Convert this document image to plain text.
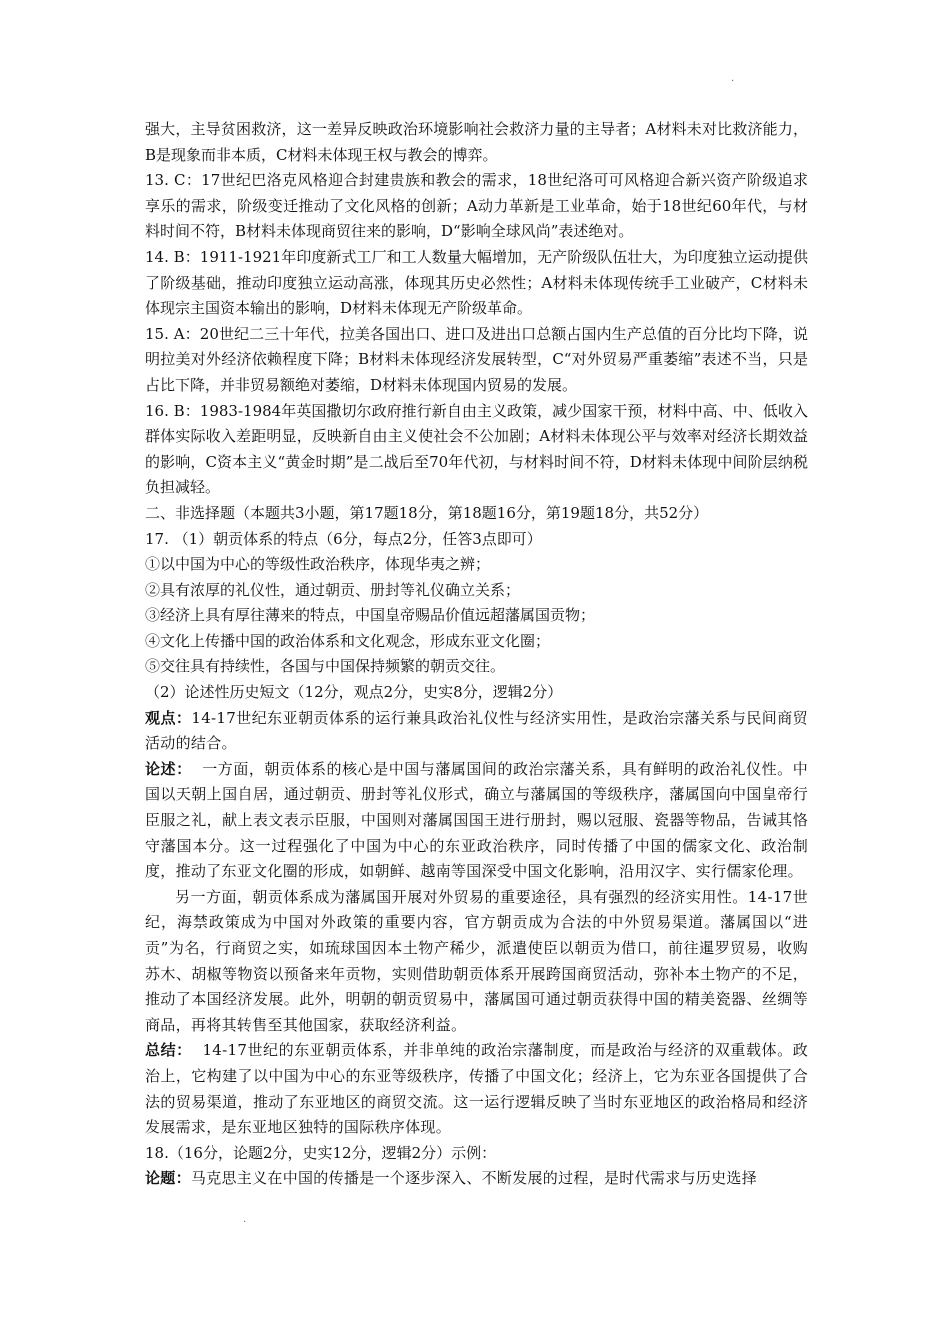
·

强大，主导贫困救济，这一差异反映政治环境影响社会救济力量的主导者；A材料未对比救济能力，B是现象而非本质，C材料未体现王权与教会的博弈。

13. C：17世纪巴洛克风格迎合封建贵族和教会的需求，18世纪洛可可风格迎合新兴资产阶级追求享乐的需求，阶级变迁推动了文化风格的创新；A动力革新是工业革命，始于18世纪60年代，与材料时间不符，B材料未体现商贸往来的影响，D“影响全球风尚”表述绝对。

14. B：1911-1921年印度新式工厂和工人数量大幅增加，无产阶级队伍壮大，为印度独立运动提供了阶级基础，推动印度独立运动高涨，体现其历史必然性；A材料未体现传统手工业破产，C材料未体现宗主国资本输出的影响，D材料未体现无产阶级革命。

15. A：20世纪二三十年代，拉美各国出口、进口及进出口总额占国内生产总值的百分比均下降，说明拉美对外经济依赖程度下降；B材料未体现经济发展转型，C“对外贸易严重萎缩”表述不当，只是占比下降，并非贸易额绝对萎缩，D材料未体现国内贸易的发展。

16. B：1983-1984年英国撒切尔政府推行新自由主义政策，减少国家干预，材料中高、中、低收入群体实际收入差距明显，反映新自由主义使社会不公加剧；A材料未体现公平与效率对经济长期效益的影响，C资本主义“黄金时期”是二战后至70年代初，与材料时间不符，D材料未体现中间阶层纳税负担减轻。

二、非选择题（本题共3小题，第17题18分，第18题16分，第19题18分，共52分）

17. （1）朝贡体系的特点（6分，每点2分，任答3点即可）

①以中国为中心的等级性政治秩序，体现华夷之辨；

②具有浓厚的礼仪性，通过朝贡、册封等礼仪确立关系；

③经济上具有厚往薄来的特点，中国皇帝赐品价值远超藩属国贡物；

④文化上传播中国的政治体系和文化观念，形成东亚文化圈；

⑤交往具有持续性，各国与中国保持频繁的朝贡交往。

（2）论述性历史短文（12分，观点2分，史实8分，逻辑2分）

观点：14-17世纪东亚朝贡体系的运行兼具政治礼仪性与经济实用性，是政治宗藩关系与民间商贸活动的结合。

论述： 一方面，朝贡体系的核心是中国与藩属国间的政治宗藩关系，具有鲜明的政治礼仪性。中国以天朝上国自居，通过朝贡、册封等礼仪形式，确立与藩属国的等级秩序，藩属国向中国皇帝行臣服之礼，献上表文表示臣服，中国则对藩属国国王进行册封，赐以冠服、瓷器等物品，告诫其恪守藩国本分。这一过程强化了中国为中心的东亚政治秩序，同时传播了中国的儒家文化、政治制度，推动了东亚文化圈的形成，如朝鲜、越南等国深受中国文化影响，沿用汉字、实行儒家伦理。

另一方面，朝贡体系成为藩属国开展对外贸易的重要途径，具有强烈的经济实用性。14-17世纪，海禁政策成为中国对外政策的重要内容，官方朝贡成为合法的中外贸易渠道。藩属国以“进贡”为名，行商贸之实，如琉球国因本土物产稀少，派遣使臣以朝贡为借口，前往暹罗贸易，收购苏木、胡椒等物资以预备来年贡物，实则借助朝贡体系开展跨国商贸活动，弥补本土物产的不足，推动了本国经济发展。此外，明朝的朝贡贸易中，藩属国可通过朝贡获得中国的精美瓷器、丝绸等商品，再将其转售至其他国家，获取经济利益。

总结： 14-17世纪的东亚朝贡体系，并非单纯的政治宗藩制度，而是政治与经济的双重载体。政治上，它构建了以中国为中心的东亚等级秩序，传播了中国文化；经济上，它为东亚各国提供了合法的贸易渠道，推动了东亚地区的商贸交流。这一运行逻辑反映了当时东亚地区的政治格局和经济发展需求，是东亚地区独特的国际秩序体现。

18.（16分，论题2分，史实12分，逻辑2分）示例：

论题：马克思主义在中国的传播是一个逐步深入、不断发展的过程，是时代需求与历史选择

.
